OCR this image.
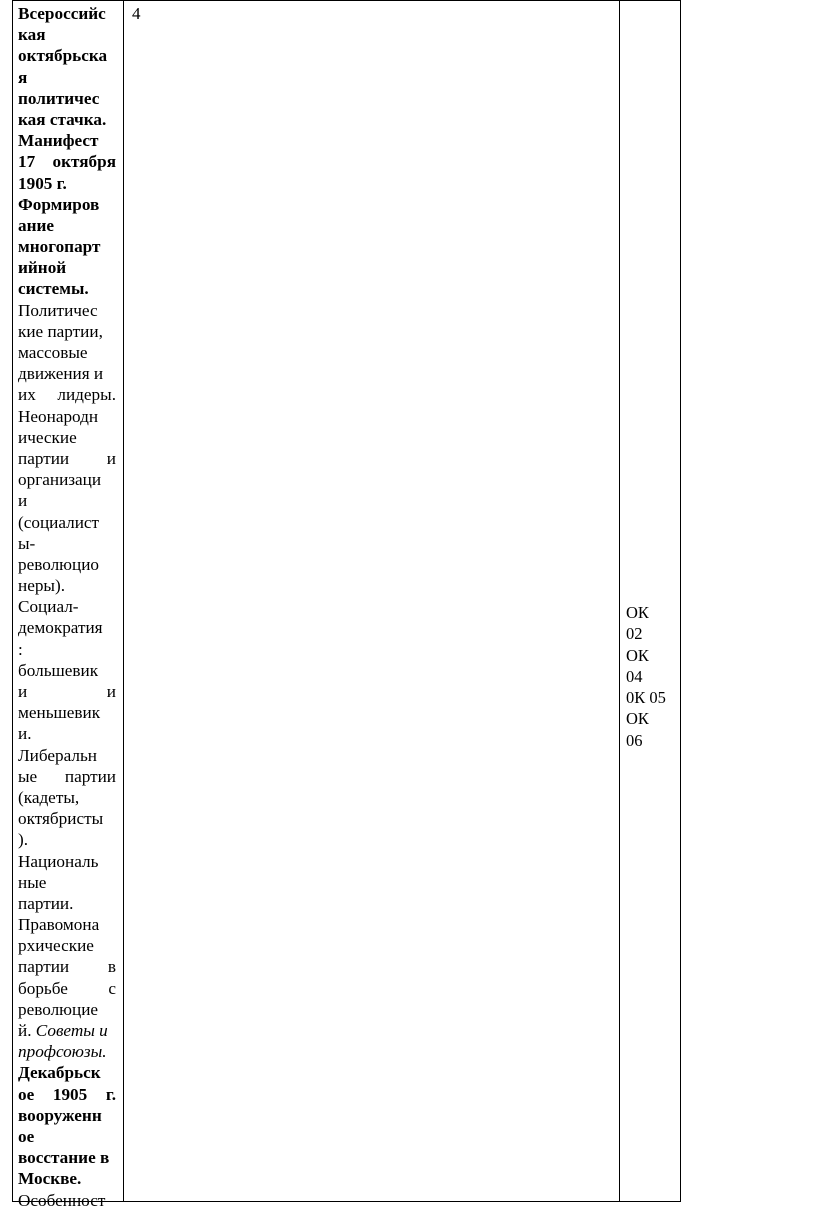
Всероссийс
кая
октябрьска
я
политичес
кая стачка.
Манифест
17 октября
1905 г.
Формиров
ание
многопарт
ийной
системы.
Политичес
кие партии,
массовые
движения и
их лидеры.
Неонародн
ические
партии и
организаци
и
(социалист
ы-
революцио
неры).
Социал-
демократия
:
большевик
и	и
меньшевик
и.
Либеральн
ые партии
(кадеты,
октябристы
).
Националь
ные
партии.
Правомона
рхические
партии в
борьбе с
революцие
й. Советы и
профсоюзы.
Декабрьск
ое 1905 г.
вооруженн
ое
восстание в
Москве.
Особенност
4
ОК
02
ОК
04
0К 05
ОК
06
